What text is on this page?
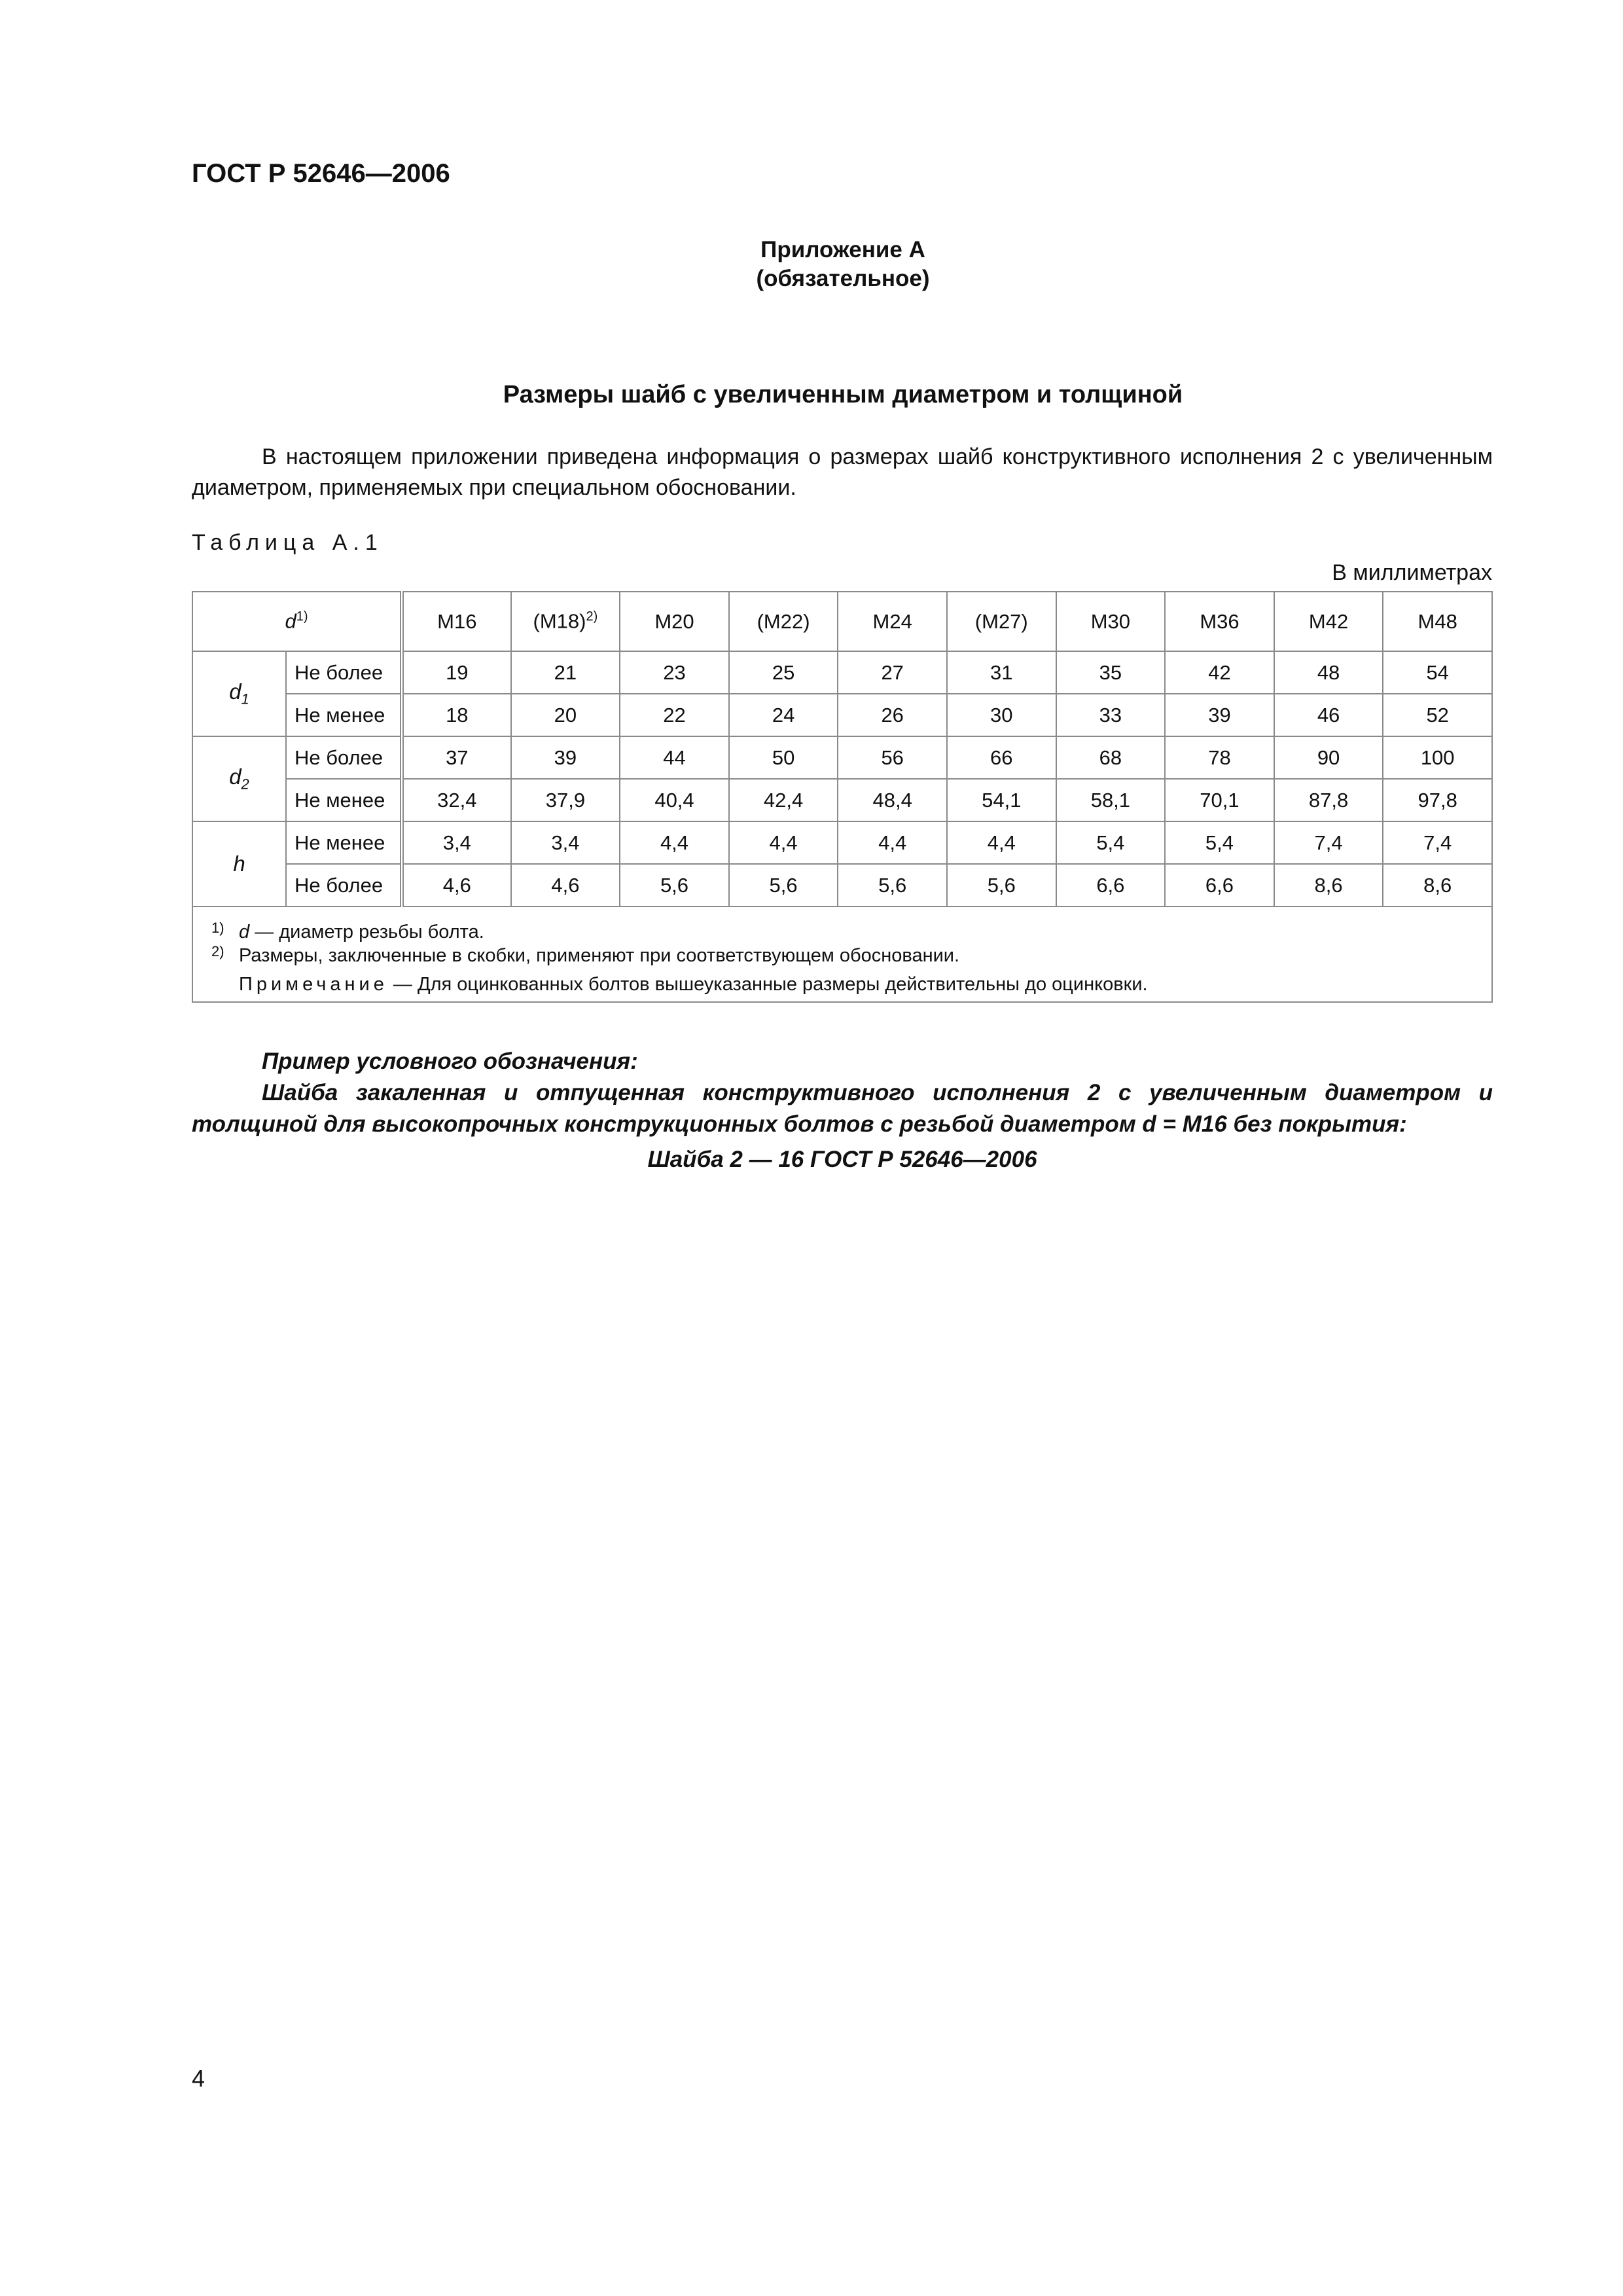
ГОСТ Р 52646—2006
Приложение А
(обязательное)
Размеры шайб с увеличенным диаметром и толщиной

В настоящем приложении приведена информация о размерах шайб конструктивного исполнения 2 с увеличенным диаметром, применяемых при специальном обосновании.

Таблица А.1
В миллиметрах
$d^{1)}$		M16	$(M18)^{2)}$	M20	(M22)	M24	(M27)	M30	M36	M42	M48
$d_1$	Не более	19	21	23	25	27	31	35	42	48	54
	Не менее	18	20	22	24	26	30	33	39	46	52
$d_2$	Не более	37	39	44	50	56	66	68	78	90	100
	Не менее	32,4	37,9	40,4	42,4	48,4	54,1	58,1	70,1	87,8	97,8
h	Не менее	3,4	3,4	4,4	4,4	4,4	4,4	5,4	5,4	7,4	7,4
	Не более	4,6	4,6	5,6	5,6	5,6	5,6	6,6	6,6	8,6	8,6

1) d — диаметр резьбы болта.
2) Размеры, заключенные в скобки, применяют при соответствующем обосновании.
Примечание — Для оцинкованных болтов вышеуказанные размеры действительны до оцинковки.											

Пример условного обозначения:

Шайба закаленная и отпущенная конструктивного исполнения 2 с увеличенным диаметром и толщиной для высокопрочных конструкционных болтов с резьбой диаметром d = M16 без покрытия:

Шайба 2 — 16 ГОСТ Р 52646—2006

4
